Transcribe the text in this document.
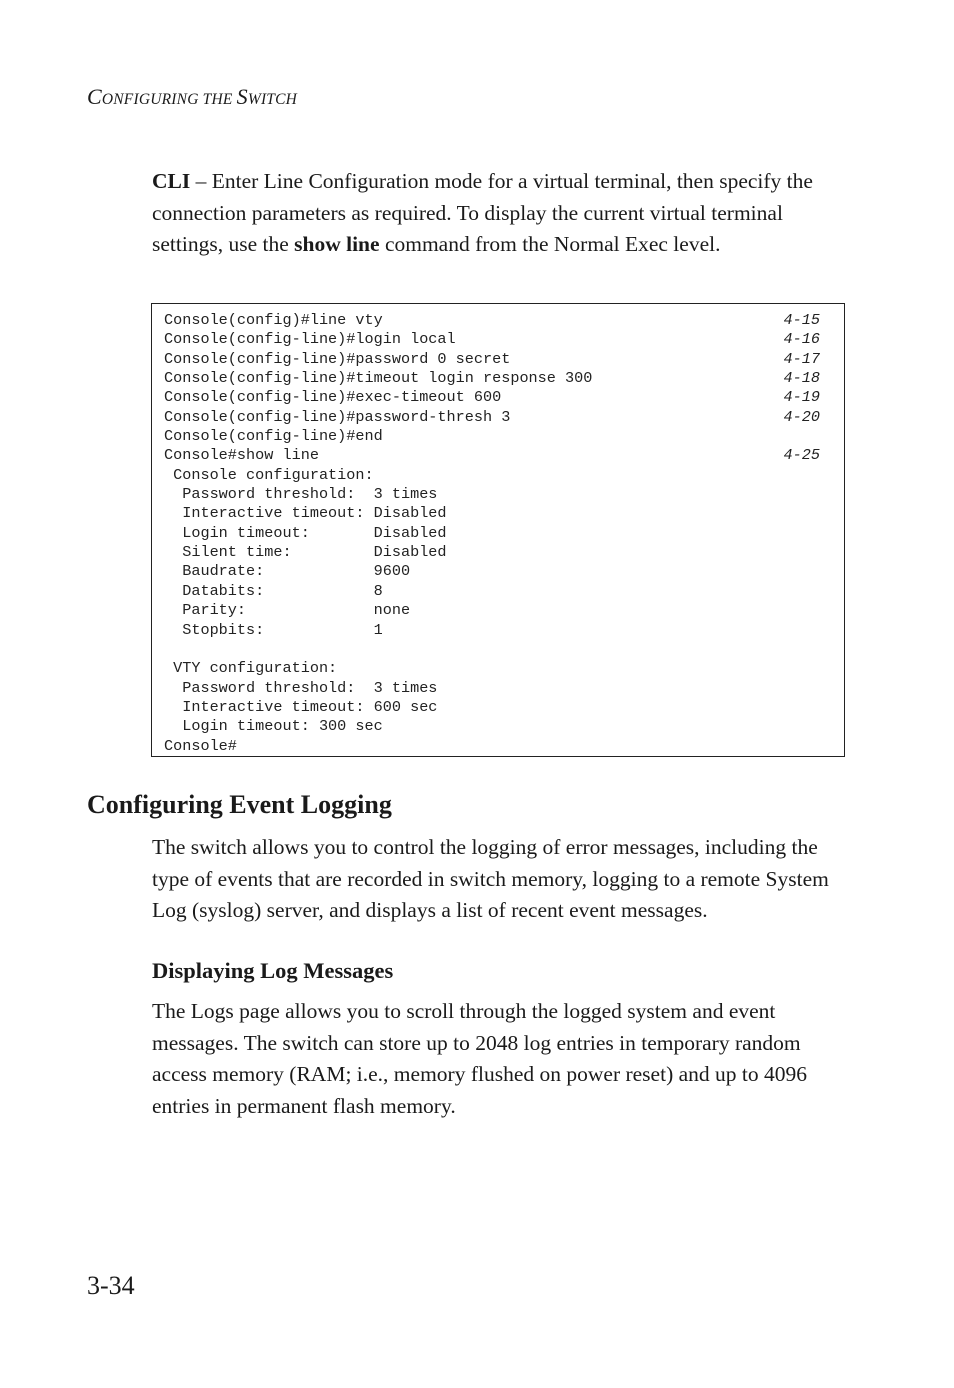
CONFIGURING THE SWITCH

CLI – Enter Line Configuration mode for a virtual terminal, then specify the connection parameters as required. To display the current virtual terminal settings, use the show line command from the Normal Exec level.

Console(config)#line vty	4-15
Console(config-line)#login local	4-16
Console(config-line)#password 0 secret	4-17
Console(config-line)#timeout login response 300	4-18
Console(config-line)#exec-timeout 600	4-19
Console(config-line)#password-thresh 3	4-20
Console(config-line)#end
Console#show line	4-25
Console configuration:
Password threshold:  3 times
Interactive timeout: Disabled
Login timeout:       Disabled
Silent time:         Disabled
Baudrate:            9600
Databits:            8
Parity:              none
Stopbits:            1
VTY configuration:
Password threshold:  3 times
Interactive timeout: 600 sec
Login timeout: 300 sec
Console#
Configuring Event Logging

The switch allows you to control the logging of error messages, including the type of events that are recorded in switch memory, logging to a remote System Log (syslog) server, and displays a list of recent event messages.

Displaying Log Messages

The Logs page allows you to scroll through the logged system and event messages. The switch can store up to 2048 log entries in temporary random access memory (RAM; i.e., memory flushed on power reset) and up to 4096 entries in permanent flash memory.

3-34
